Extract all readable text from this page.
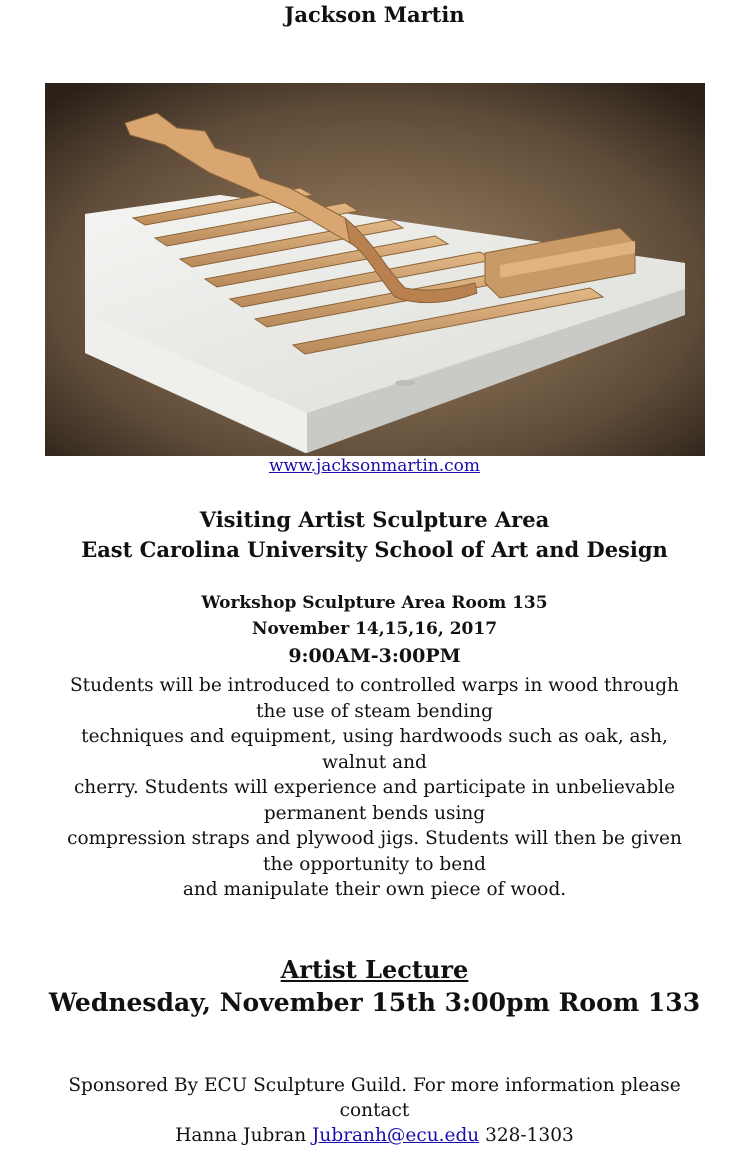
Jackson Martin
www.jacksonmartin.com
Visiting Artist Sculpture Area
East Carolina University School of Art and Design
Workshop Sculpture Area Room 135
November 14,15,16, 2017
9:00AM-3:00PM
Students will be introduced to controlled warps in wood through
the use of steam bending
techniques and equipment, using hardwoods such as oak, ash,
walnut and
cherry. Students will experience and participate in unbelievable
permanent bends using
compression straps and plywood jigs. Students will then be given
the opportunity to bend
and manipulate their own piece of wood.
Artist Lecture
Wednesday, November 15th 3:00pm Room 133
Sponsored By ECU Sculpture Guild. For more information please
contact
Hanna Jubran Jubranh@ecu.edu 328-1303
